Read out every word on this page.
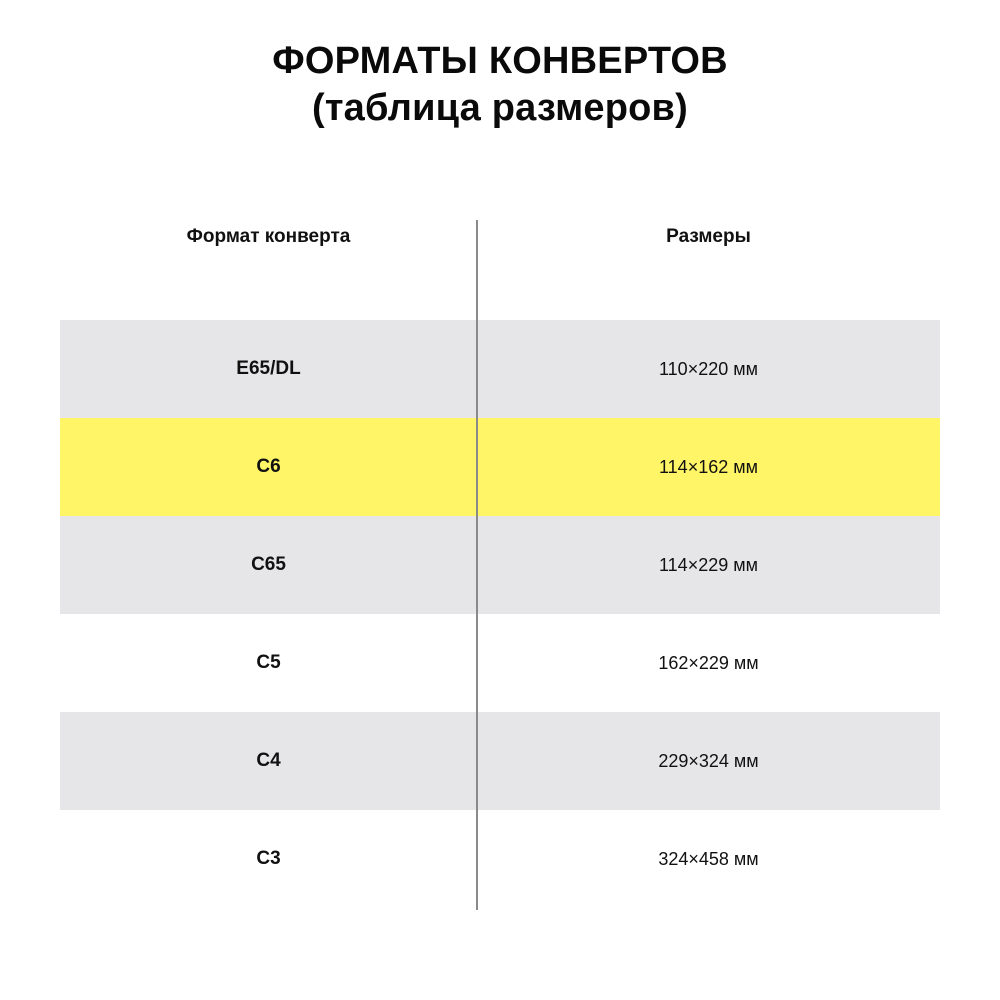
ФОРМАТЫ КОНВЕРТОВ
(таблица размеров)
Формат конверта	Размеры
E65/DL	110×220 мм
C6	114×162 мм
C65	114×229 мм
C5	162×229 мм
C4	229×324 мм
C3	324×458 мм
